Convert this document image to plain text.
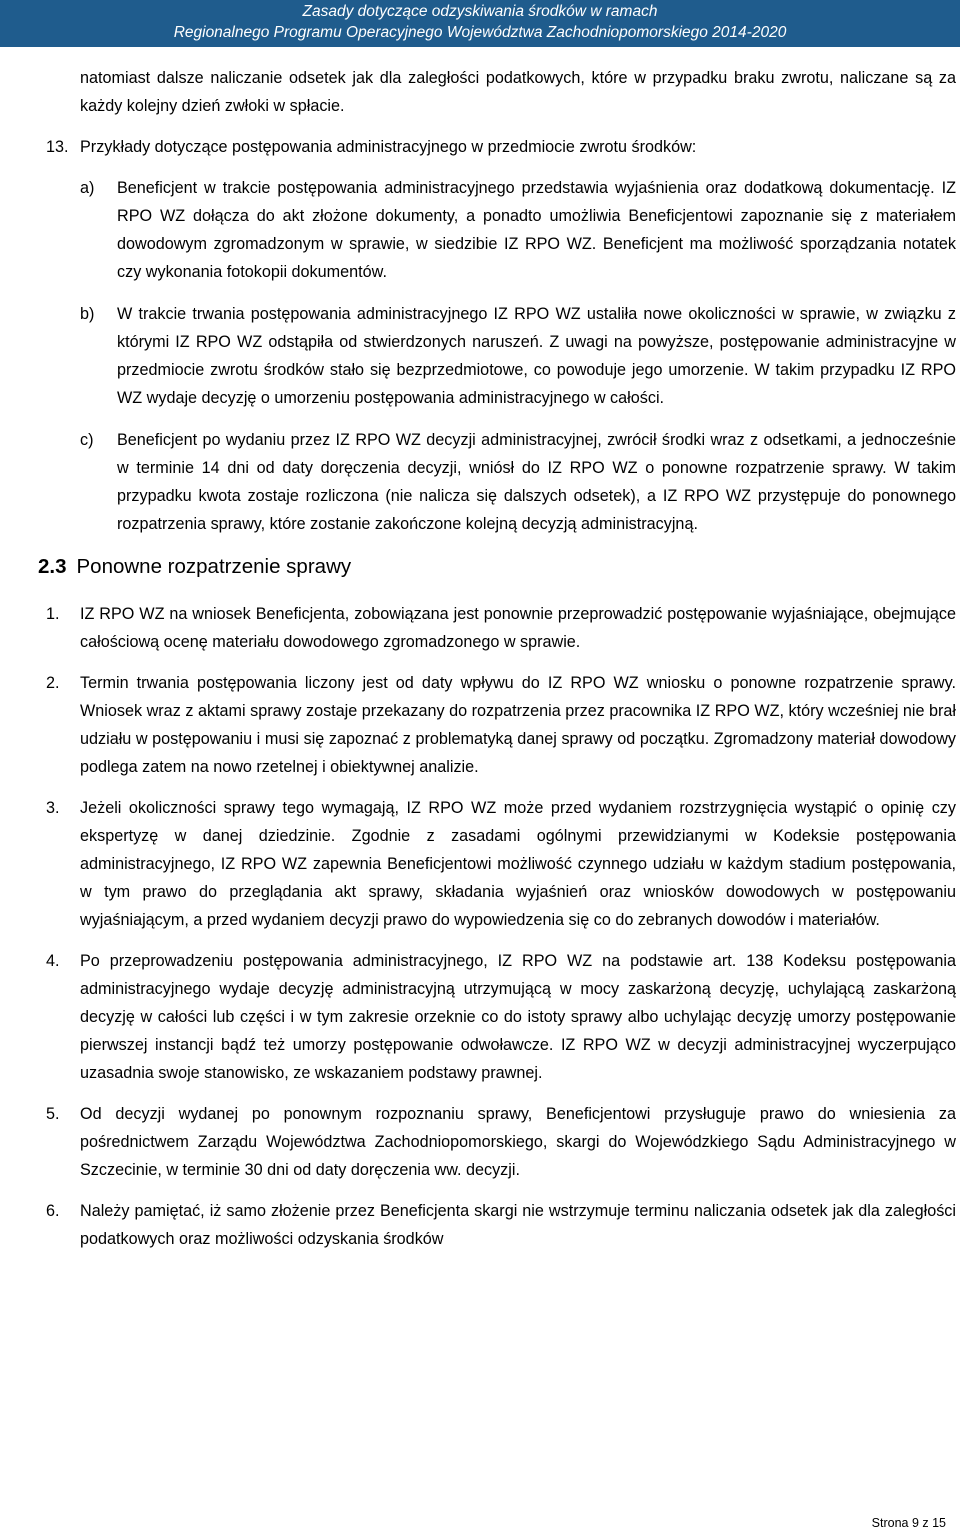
Zasady dotyczące odzyskiwania środków w ramach
Regionalnego Programu Operacyjnego Województwa Zachodniopomorskiego 2014-2020

natomiast dalsze naliczanie odsetek jak dla zaległości podatkowych, które w przypadku braku zwrotu, naliczane są za każdy kolejny dzień zwłoki w spłacie.

13. Przykłady dotyczące postępowania administracyjnego w przedmiocie zwrotu środków:
a)	Beneficjent w trakcie postępowania administracyjnego przedstawia wyjaśnienia oraz dodatkową dokumentację. IZ RPO WZ dołącza do akt złożone dokumenty, a ponadto umożliwia Beneficjentowi zapoznanie się z materiałem dowodowym zgromadzonym w sprawie, w siedzibie IZ RPO WZ. Beneficjent ma możliwość sporządzania notatek czy wykonania fotokopii dokumentów.
b)	W trakcie trwania postępowania administracyjnego IZ RPO WZ ustaliła nowe okoliczności w sprawie, w związku z którymi IZ RPO WZ odstąpiła od stwierdzonych naruszeń. Z uwagi na powyższe, postępowanie administracyjne w przedmiocie zwrotu środków stało się bezprzedmiotowe, co powoduje jego umorzenie. W takim przypadku IZ RPO WZ wydaje decyzję o umorzeniu postępowania administracyjnego w całości.
c)	Beneficjent po wydaniu przez IZ RPO WZ decyzji administracyjnej, zwrócił środki wraz z odsetkami, a jednocześnie w terminie 14 dni od daty doręczenia decyzji, wniósł do IZ RPO WZ o ponowne rozpatrzenie sprawy. W takim przypadku kwota zostaje rozliczona (nie nalicza się dalszych odsetek), a IZ RPO WZ przystępuje do ponownego rozpatrzenia sprawy, które zostanie zakończone kolejną decyzją administracyjną.
2.3 Ponowne rozpatrzenie sprawy
1.	IZ RPO WZ na wniosek Beneficjenta, zobowiązana jest ponownie przeprowadzić postępowanie wyjaśniające, obejmujące całościową ocenę materiału dowodowego zgromadzonego w sprawie.
2.	Termin trwania postępowania liczony jest od daty wpływu do IZ RPO WZ wniosku o ponowne rozpatrzenie sprawy. Wniosek wraz z aktami sprawy zostaje przekazany do rozpatrzenia przez pracownika IZ RPO WZ, który wcześniej nie brał udziału w postępowaniu i musi się zapoznać z problematyką danej sprawy od początku. Zgromadzony materiał dowodowy podlega zatem na nowo rzetelnej i obiektywnej analizie.
3.	Jeżeli okoliczności sprawy tego wymagają, IZ RPO WZ może przed wydaniem rozstrzygnięcia wystąpić o opinię czy ekspertyzę w danej dziedzinie. Zgodnie z zasadami ogólnymi przewidzianymi w Kodeksie postępowania administracyjnego, IZ RPO WZ zapewnia Beneficjentowi możliwość czynnego udziału w każdym stadium postępowania, w tym prawo do przeglądania akt sprawy, składania wyjaśnień oraz wniosków dowodowych w postępowaniu wyjaśniającym, a przed wydaniem decyzji prawo do wypowiedzenia się co do zebranych dowodów i materiałów.
4.	Po przeprowadzeniu postępowania administracyjnego, IZ RPO WZ na podstawie art. 138 Kodeksu postępowania administracyjnego wydaje decyzję administracyjną utrzymującą w mocy zaskarżoną decyzję, uchylającą zaskarżoną decyzję w całości lub części i w tym zakresie orzeknie co do istoty sprawy albo uchylając decyzję umorzy postępowanie pierwszej instancji bądź też umorzy postępowanie odwoławcze. IZ RPO WZ w decyzji administracyjnej wyczerpująco uzasadnia swoje stanowisko, ze wskazaniem podstawy prawnej.
5.	Od decyzji wydanej po ponownym rozpoznaniu sprawy, Beneficjentowi przysługuje prawo do wniesienia za pośrednictwem Zarządu Województwa Zachodniopomorskiego, skargi do Wojewódzkiego Sądu Administracyjnego w Szczecinie, w terminie 30 dni od daty doręczenia ww. decyzji.
6.	Należy pamiętać, iż samo złożenie przez Beneficjenta skargi nie wstrzymuje terminu naliczania odsetek jak dla zaległości podatkowych oraz możliwości odzyskania środków
Strona 9 z 15
